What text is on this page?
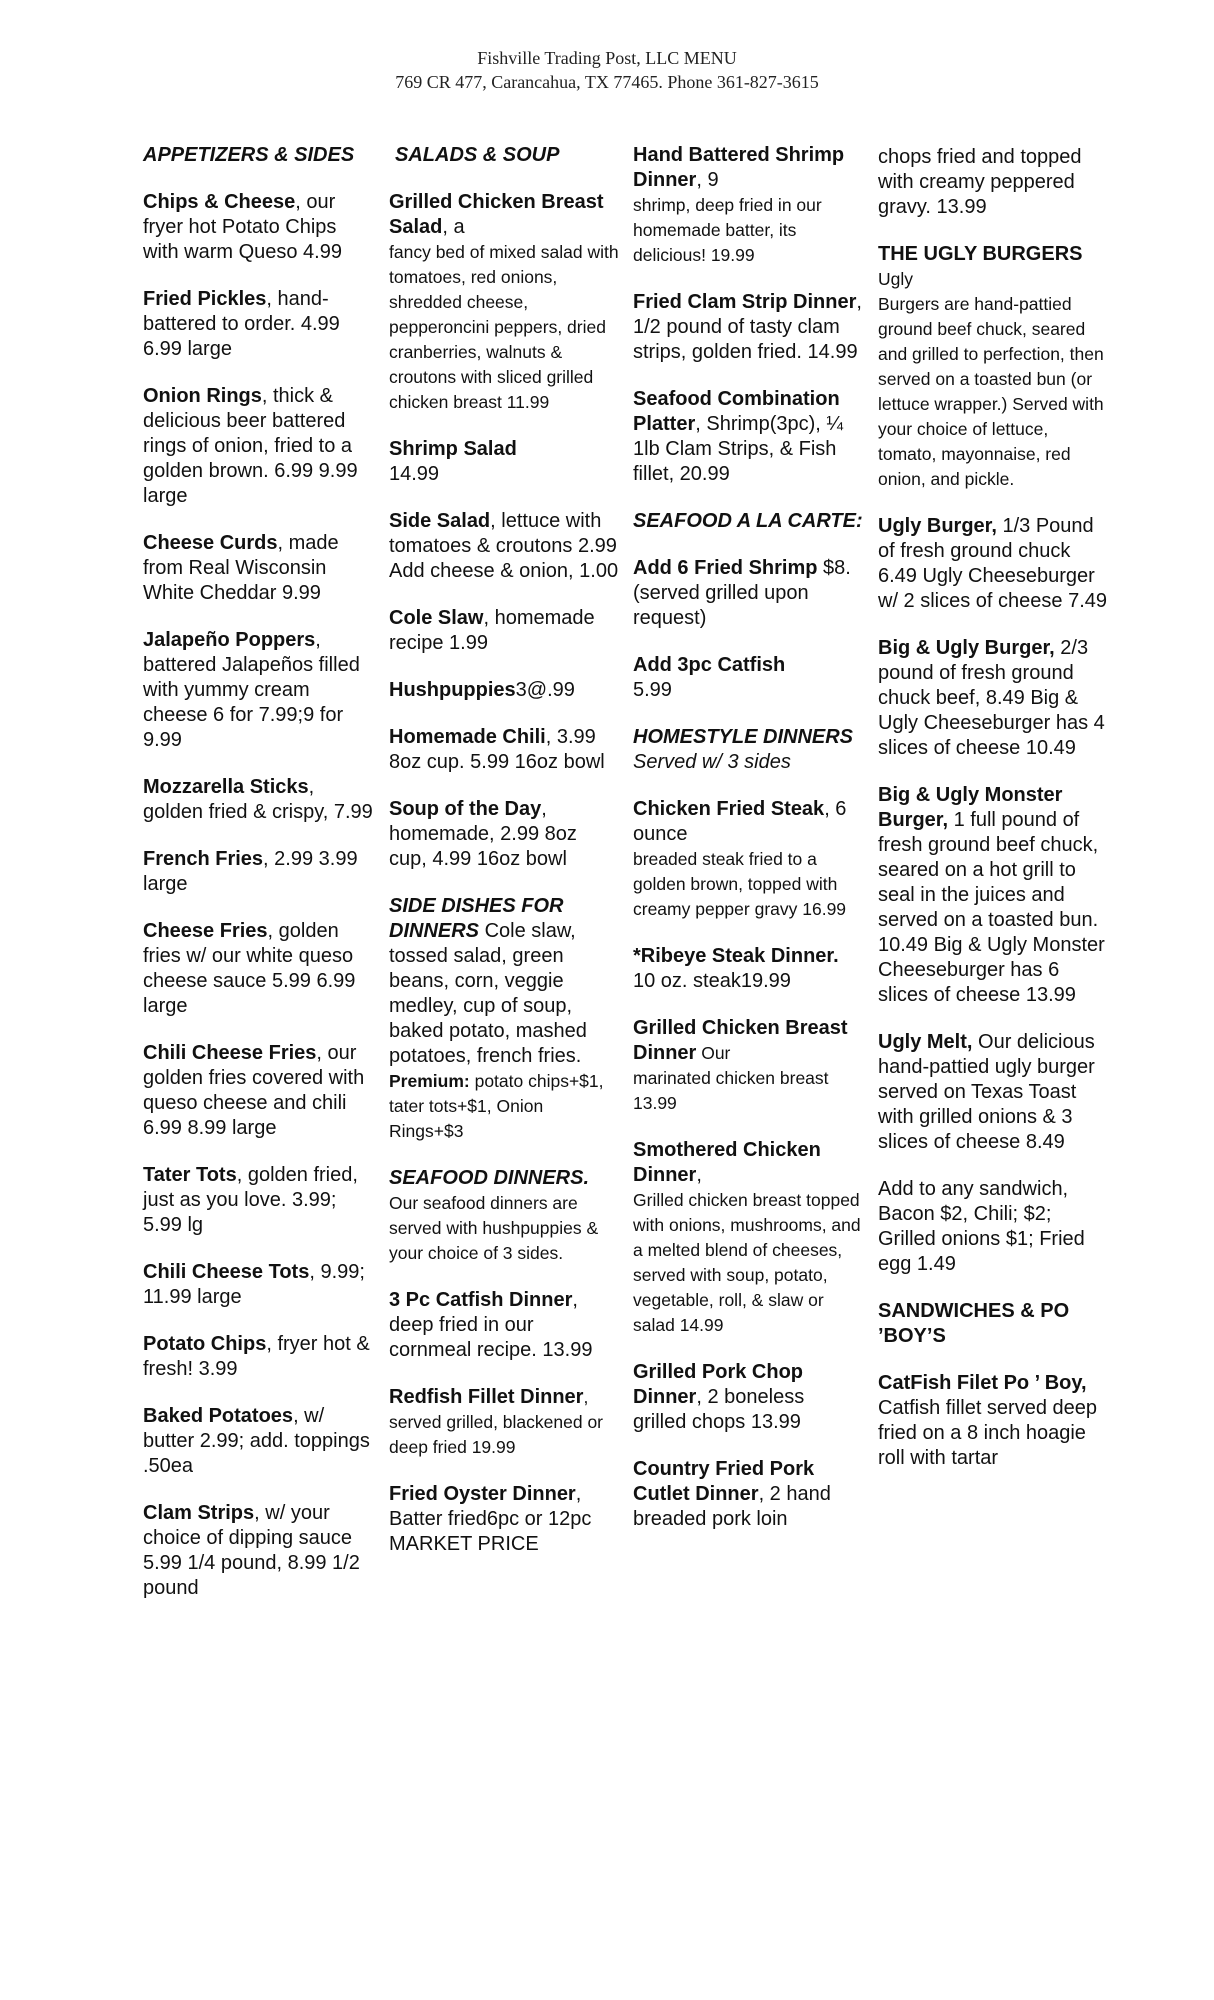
Fishville Trading Post, LLC MENU
769 CR 477, Carancahua, TX 77465. Phone 361-827-3615
APPETIZERS & SIDES
Chips & Cheese, our fryer hot Potato Chips with warm Queso 4.99
Fried Pickles, hand-battered to order. 4.99 6.99 large
Onion Rings, thick & delicious beer battered rings of onion, fried to a golden brown. 6.99 9.99 large
Cheese Curds, made from Real Wisconsin White Cheddar 9.99
Jalapeño Poppers, battered Jalapeños filled with yummy cream cheese 6 for 7.99;9 for 9.99
Mozzarella Sticks, golden fried & crispy, 7.99
French Fries, 2.99 3.99 large
Cheese Fries, golden fries w/ our white queso cheese sauce 5.99 6.99 large
Chili Cheese Fries, our golden fries covered with queso cheese and chili 6.99 8.99 large
Tater Tots, golden fried, just as you love. 3.99; 5.99 lg
Chili Cheese Tots, 9.99; 11.99 large
Potato Chips, fryer hot & fresh! 3.99
Baked Potatoes, w/ butter 2.99; add. toppings .50ea
Clam Strips, w/ your choice of dipping sauce 5.99 1/4 pound, 8.99 1/2 pound
SALADS & SOUP
Grilled Chicken Breast Salad, a
fancy bed of mixed salad with tomatoes, red onions, shredded cheese, pepperoncini peppers, dried cranberries, walnuts & croutons with sliced grilled chicken breast 11.99
Shrimp Salad
14.99
Side Salad, lettuce with tomatoes & croutons 2.99 Add cheese & onion, 1.00
Cole Slaw, homemade recipe 1.99
Hushpuppies3@.99
Homemade Chili, 3.99 8oz cup. 5.99 16oz bowl
Soup of the Day, homemade, 2.99 8oz cup, 4.99 16oz bowl
SIDE DISHES FOR DINNERS Cole slaw, tossed salad, green beans, corn, veggie medley, cup of soup, baked potato, mashed potatoes, french fries. Premium: potato chips+$1, tater tots+$1, Onion Rings+$3
SEAFOOD DINNERS.
Our seafood dinners are served with hushpuppies & your choice of 3 sides.
3 Pc Catfish Dinner, deep fried in our cornmeal recipe. 13.99
Redfish Fillet Dinner, served grilled, blackened or deep fried 19.99
Fried Oyster Dinner, Batter fried6pc or 12pc MARKET PRICE
Hand Battered Shrimp Dinner, 9
shrimp, deep fried in our homemade batter, its delicious! 19.99
Fried Clam Strip Dinner, 1/2 pound of tasty clam strips, golden fried. 14.99
Seafood Combination Platter, Shrimp(3pc), ¼ 1lb Clam Strips, & Fish fillet, 20.99
SEAFOOD A LA CARTE:
Add 6 Fried Shrimp $8. (served grilled upon request)
Add 3pc Catfish
5.99
HOMESTYLE DINNERS Served w/ 3 sides
Chicken Fried Steak, 6 ounce
breaded steak fried to a golden brown, topped with creamy pepper gravy 16.99
*Ribeye Steak Dinner. 10 oz. steak19.99
Grilled Chicken Breast Dinner Our
marinated chicken breast 13.99
Smothered Chicken Dinner,
Grilled chicken breast topped with onions, mushrooms, and a melted blend of cheeses, served with soup, potato, vegetable, roll, & slaw or salad 14.99
Grilled Pork Chop Dinner, 2 boneless grilled chops 13.99
Country Fried Pork Cutlet Dinner, 2 hand breaded pork loin
chops fried and topped with creamy peppered gravy. 13.99
THE UGLY BURGERS Ugly
Burgers are hand-pattied ground beef chuck, seared and grilled to perfection, then served on a toasted bun (or lettuce wrapper.) Served with your choice of lettuce, tomato, mayonnaise, red onion, and pickle.
Ugly Burger, 1/3 Pound of fresh ground chuck 6.49 Ugly Cheeseburger w/ 2 slices of cheese 7.49
Big & Ugly Burger, 2/3 pound of fresh ground chuck beef, 8.49 Big & Ugly Cheeseburger has 4 slices of cheese 10.49
Big & Ugly Monster Burger, 1 full pound of fresh ground beef chuck, seared on a hot grill to seal in the juices and served on a toasted bun. 10.49 Big & Ugly Monster Cheeseburger has 6 slices of cheese 13.99
Ugly Melt, Our delicious hand-pattied ugly burger served on Texas Toast with grilled onions & 3 slices of cheese 8.49
Add to any sandwich, Bacon $2, Chili; $2; Grilled onions $1; Fried egg 1.49
SANDWICHES & PO ’BOY’S
CatFish Filet Po ’ Boy, Catfish fillet served deep fried on a 8 inch hoagie roll with tartar
